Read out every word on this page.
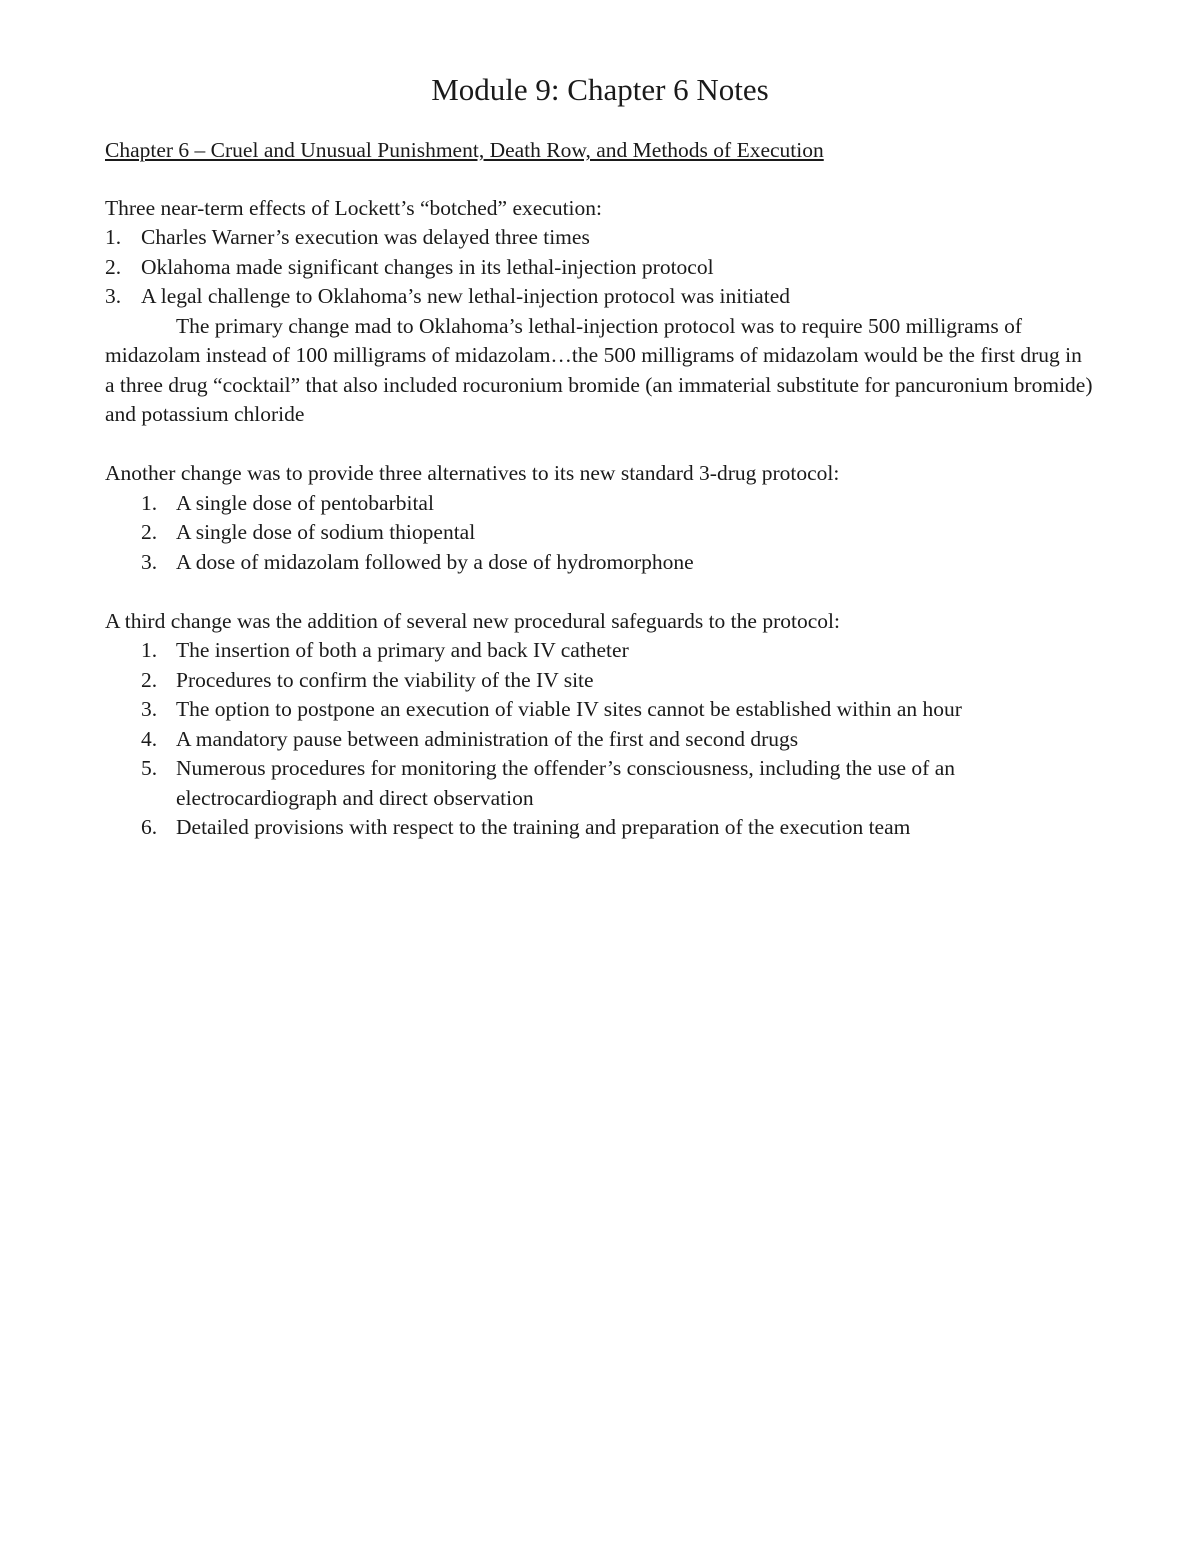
Module 9: Chapter 6 Notes

Chapter 6 – Cruel and Unusual Punishment, Death Row, and Methods of Execution

Three near-term effects of Lockett’s “botched” execution:

1. Charles Warner’s execution was delayed three times
2. Oklahoma made significant changes in its lethal-injection protocol
3. A legal challenge to Oklahoma’s new lethal-injection protocol was initiated

The primary change mad to Oklahoma’s lethal-injection protocol was to require 500 milligrams of midazolam instead of 100 milligrams of midazolam…the 500 milligrams of midazolam would be the first drug in a three drug “cocktail” that also included rocuronium bromide (an immaterial substitute for pancuronium bromide) and potassium chloride

Another change was to provide three alternatives to its new standard 3-drug protocol:

1. A single dose of pentobarbital
2. A single dose of sodium thiopental
3. A dose of midazolam followed by a dose of hydromorphone

A third change was the addition of several new procedural safeguards to the protocol:

1. The insertion of both a primary and back IV catheter
2. Procedures to confirm the viability of the IV site
3. The option to postpone an execution of viable IV sites cannot be established within an hour
4. A mandatory pause between administration of the first and second drugs
5. Numerous procedures for monitoring the offender’s consciousness, including the use of an electrocardiograph and direct observation
6. Detailed provisions with respect to the training and preparation of the execution team
